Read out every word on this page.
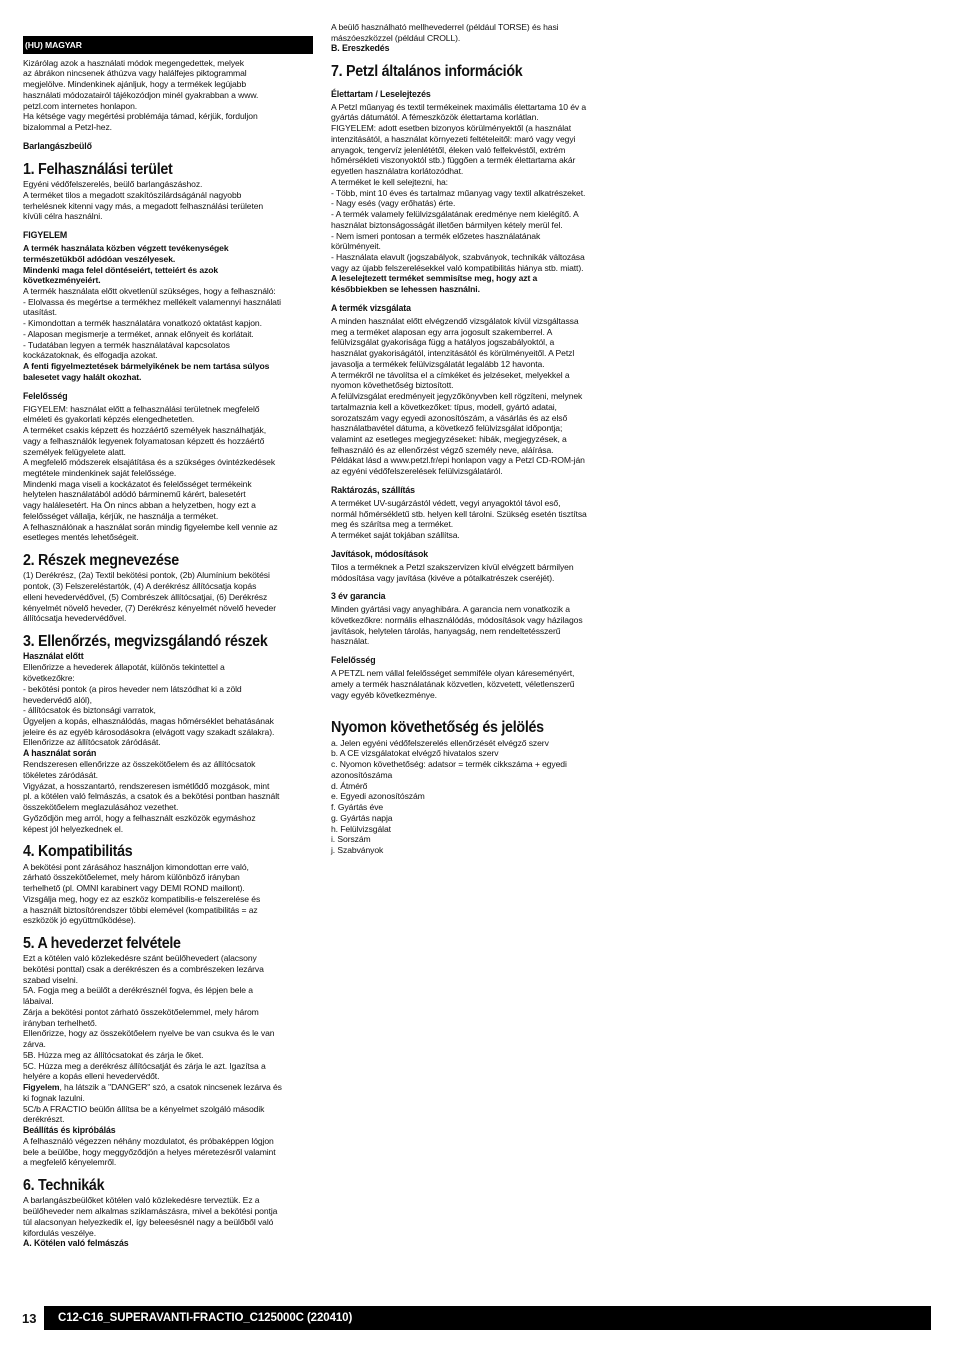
(HU) MAGYAR

Kizárólag azok a használati módok megengedettek, melyek
az ábrákon nincsenek áthúzva vagy halálfejes piktogrammal
megjelölve. Mindenkinek ajánljuk, hogy a termékek legújabb
használati módozatairól tájékozódjon minél gyakrabban a www.
petzl.com internetes honlapon.
Ha kétsége vagy megértési problémája támad, kérjük, forduljon
bizalommal a Petzl-hez.

Barlangászbeülő
1. Felhasználási terület

Egyéni védőfelszerelés, beülő barlangászáshoz.
A terméket tilos a megadott szakítószilárdságánál nagyobb
terhelésnek kitenni vagy más, a megadott felhasználási területen
kívüli célra használni.

FIGYELEM

A termék használata közben végzett tevékenységek
természetükből adódóan veszélyesek.
Mindenki maga felel döntéseiért, tetteiért és azok
következményeiért.

A termék használata előtt okvetlenül szükséges, hogy a felhasználó:
- Elolvassa és megértse a termékhez mellékelt valamennyi használati
utasítást.
- Kimondottan a termék használatára vonatkozó oktatást kapjon.
- Alaposan megismerje a terméket, annak előnyeit és korlátait.
- Tudatában legyen a termék használatával kapcsolatos
kockázatoknak, és elfogadja azokat.

A fenti figyelmeztetések bármelyikének be nem tartása súlyos
balesetet vagy halált okozhat.

Felelősség

FIGYELEM: használat előtt a felhasználási területnek megfelelő
elméleti és gyakorlati képzés elengedhetetlen.
A terméket csakis képzett és hozzáértő személyek használhatják,
vagy a felhasználók legyenek folyamatosan képzett és hozzáértő
személyek felügyelete alatt.
A megfelelő módszerek elsajátítása és a szükséges óvintézkedések
megtétele mindenkinek saját felelőssége.
Mindenki maga viseli a kockázatot és felelősséget termékeink
helytelen használatából adódó bárminemű kárért, balesetért
vagy halálesetért. Ha Ön nincs abban a helyzetben, hogy ezt a
felelősséget vállalja, kérjük, ne használja a terméket.
A felhasználónak a használat során mindig figyelembe kell vennie az
esetleges mentés lehetőségeit.

2. Részek megnevezése

(1) Derékrész, (2a) Textil bekötési pontok, (2b) Alumínium bekötési
pontok, (3) Felszereléstartók, (4) A derékrész állítócsatja kopás
elleni hevedervédővel, (5) Combrészek állítócsatjai, (6) Derékrész
kényelmét növelő heveder, (7) Derékrész kényelmét növelő heveder
állítócsatja hevedervédővel.

3. Ellenőrzés, megvizsgálandó részek
Használat előtt

Ellenőrizze a hevederek állapotát, különös tekintettel a
következőkre:
- bekötési pontok (a piros heveder nem látszódhat ki a zöld
hevedervédő alól),
- állítócsatok és biztonsági varratok,
Ügyeljen a kopás, elhasználódás, magas hőmérséklet behatásának
jeleire és az egyéb károsodásokra (elvágott vagy szakadt szálakra).
Ellenőrizze az állítócsatok záródását.

A használat során

Rendszeresen ellenőrizze az összekötőelem és az állítócsatok
tökéletes záródását.
Vigyázat, a hosszantartó, rendszeresen ismétlődő mozgások, mint
pl. a kötélen való felmászás, a csatok és a bekötési pontban használt
összekötőelem meglazulásához vezethet.
Győződjön meg arról, hogy a felhasznált eszközök egymáshoz
képest jól helyezkednek el.

4. Kompatibilitás

A bekötési pont zárásához használjon kimondottan erre való,
zárható összekötőelemet, mely három különböző irányban
terhelhető (pl. OMNI karabinert vagy DEMI ROND maillont).
Vizsgálja meg, hogy ez az eszköz kompatibilis-e felszerelése és
a használt biztosítórendszer többi elemével (kompatibilitás = az
eszközök jó együttműködése).

5. A hevederzet felvétele

Ezt a kötélen való közlekedésre szánt beülőhevedert (alacsony
bekötési ponttal) csak a derékrészen és a combrészeken lezárva
szabad viselni.
5A. Fogja meg a beülőt a derékrésznél fogva, és lépjen bele a
lábaival.
Zárja a bekötési pontot zárható összekötőelemmel, mely három
irányban terhelhető.
Ellenőrizze, hogy az összekötőelem nyelve be van csukva és le van
zárva.
5B. Húzza meg az állítócsatokat és zárja le őket.
5C. Húzza meg a derékrész állítócsatját és zárja le azt. Igazítsa a
helyére a kopás elleni hevedervédőt.

Figyelem, ha látszik a "DANGER" szó, a csatok nincsenek lezárva és
ki fognak lazulni.

5C/b A FRACTIO beülőn állítsa be a kényelmet szolgáló második
derékrészt.

Beállítás és kipróbálás

A felhasználó végezzen néhány mozdulatot, és próbaképpen lógjon
bele a beülőbe, hogy meggyőződjön a helyes méretezésről valamint
a megfelelő kényelemről.

6. Technikák

A barlangászbeülőket kötélen való közlekedésre terveztük. Ez a
beülőheveder nem alkalmas sziklamászásra, mivel a bekötési pontja
túl alacsonyan helyezkedik el, így beleesésnél nagy a beülőből való
kifordulás veszélye.

A. Kötélen való felmászás

A beülő használható mellhevederrel (például TORSE) és hasi
mászóeszközzel (például CROLL).

B. Ereszkedés
7. Petzl általános információk
Élettartam / Leselejtezés

A Petzl műanyag és textil termékeinek maximális élettartama 10 év a
gyártás dátumától. A fémeszközök élettartama korlátlan.
FIGYELEM: adott esetben bizonyos körülményektől (a használat
intenzitásától, a használat környezeti feltételeitől: maró vagy vegyi
anyagok, tengervíz jelenlététől, éleken való felfekvéstől, extrém
hőmérsékleti viszonyoktól stb.) függően a termék élettartama akár
egyetlen használatra korlátozódhat.
A terméket le kell selejtezni, ha:
- Több, mint 10 éves és tartalmaz műanyag vagy textil alkatrészeket.
- Nagy esés (vagy erőhatás) érte.
- A termék valamely felülvizsgálatának eredménye nem kielégítő. A
használat biztonságosságát illetően bármilyen kétely merül fel.
- Nem ismeri pontosan a termék előzetes használatának
körülményeit.
- Használata elavult (jogszabályok, szabványok, technikák változása
vagy az újabb felszerelésekkel való kompatibilitás hiánya stb. miatt).

A leselejtezett terméket semmisítse meg, hogy azt a
későbbiekben se lehessen használni.

A termék vizsgálata

A minden használat előtt elvégzendő vizsgálatok kívül vizsgáltassa
meg a terméket alaposan egy arra jogosult szakemberrel. A
felülvizsgálat gyakorisága függ a hatályos jogszabályoktól, a
használat gyakoriságától, intenzitásától és körülményeitől. A Petzl
javasolja a termékek felülvizsgálatát legalább 12 havonta.
A termékről ne távolítsa el a címkéket és jelzéseket, melyekkel a
nyomon követhetőség biztosított.
A felülvizsgálat eredményeit jegyzőkönyvben kell rögzíteni, melynek
tartalmaznia kell a következőket: típus, modell, gyártó adatai,
sorozatszám vagy egyedi azonosítószám, a vásárlás és az első
használatbavétel dátuma, a következő felülvizsgálat időpontja;
valamint az esetleges megjegyzéseket: hibák, megjegyzések, a
felhasználó és az ellenőrzést végző személy neve, aláírása.
Példákat lásd a www.petzl.fr/epi honlapon vagy a Petzl CD-ROM-ján
az egyéni védőfelszerelések felülvizsgálatáról.

Raktározás, szállítás

A terméket UV-sugárzástól védett, vegyi anyagoktól távol eső,
normál hőmérsékletű stb. helyen kell tárolni. Szükség esetén tisztítsa
meg és szárítsa meg a terméket.
A terméket saját tokjában szállítsa.

Javítások, módosítások

Tilos a terméknek a Petzl szakszervizen kívül elvégzett bármilyen
módosítása vagy javítása (kivéve a pótalkatrészek cseréjét).

3 év garancia

Minden gyártási vagy anyaghibára. A garancia nem vonatkozik a
következőkre: normális elhasználódás, módosítások vagy házilagos
javítások, helytelen tárolás, hanyagság, nem rendeltetésszerű
használat.

Felelősség

A PETZL nem vállal felelősséget semmiféle olyan káreseményért,
amely a termék használatának közvetlen, közvetett, véletlenszerű
vagy egyéb következménye.

Nyomon követhetőség és jelölés

a. Jelen egyéni védőfelszerelés ellenőrzését elvégző szerv
b. A CE vizsgálatokat elvégző hivatalos szerv
c. Nyomon követhetőség: adatsor = termék cikkszáma + egyedi
azonosítószáma
d. Átmérő
e. Egyedi azonosítószám
f. Gyártás éve
g. Gyártás napja
h. Felülvizsgálat
i. Sorszám
j. Szabványok

13	C12-C16_SUPERAVANTI-FRACTIO_C125000C (220410)
